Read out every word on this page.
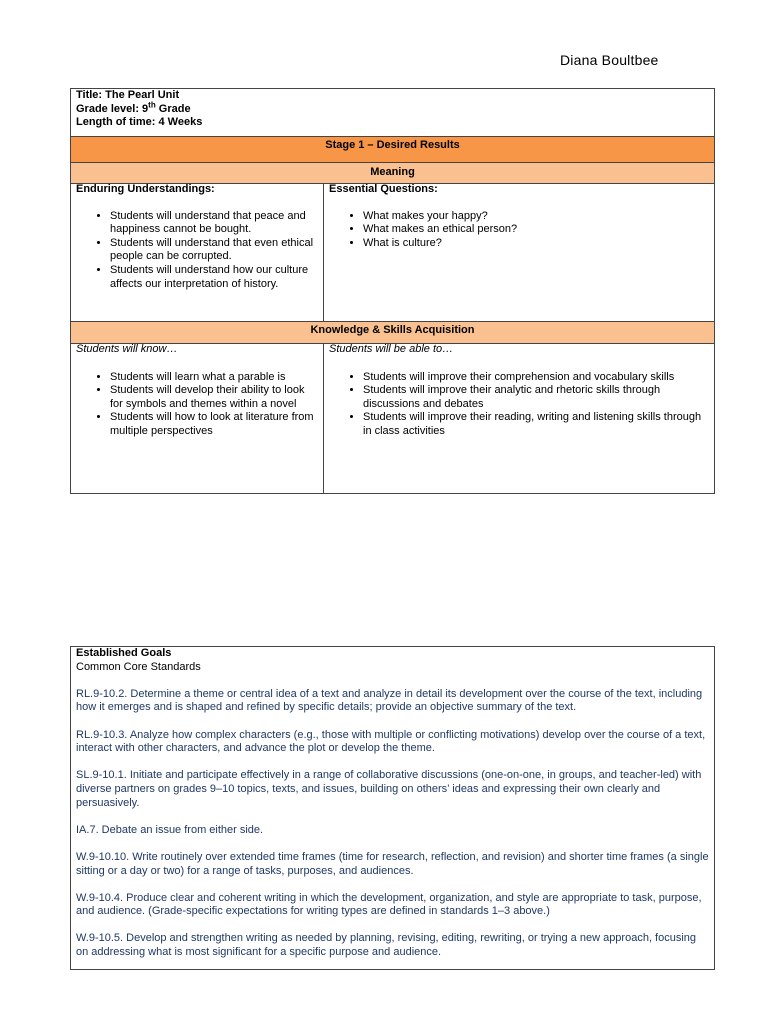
Diana Boultbee
Title: The Pearl Unit
Grade level: 9th Grade
Length of time: 4 Weeks
Stage 1 – Desired Results
Meaning
Enduring Understandings:
• Students will understand that peace and happiness cannot be bought.
• Students will understand that even ethical people can be corrupted.
• Students will understand how our culture affects our interpretation of history.
Essential Questions:
• What makes your happy?
• What makes an ethical person?
• What is culture?
Knowledge & Skills Acquisition
Students will know…
• Students will learn what a parable is
• Students will develop their ability to look for symbols and themes within a novel
• Students will how to look at literature from multiple perspectives
Students will be able to…
• Students will improve their comprehension and vocabulary skills
• Students will improve their analytic and rhetoric skills through discussions and debates
• Students will improve their reading, writing and listening skills through in class activities

Established Goals

Common Core Standards

RL.9-10.2. Determine a theme or central idea of a text and analyze in detail its development over the course of the text, including how it emerges and is shaped and refined by specific details; provide an objective summary of the text.

RL.9-10.3. Analyze how complex characters (e.g., those with multiple or conflicting motivations) develop over the course of a text, interact with other characters, and advance the plot or develop the theme.

SL.9-10.1. Initiate and participate effectively in a range of collaborative discussions (one-on-one, in groups, and teacher-led) with diverse partners on grades 9–10 topics, texts, and issues, building on others’ ideas and expressing their own clearly and persuasively.

IA.7. Debate an issue from either side.

W.9-10.10. Write routinely over extended time frames (time for research, reflection, and revision) and shorter time frames (a single sitting or a day or two) for a range of tasks, purposes, and audiences.

W.9-10.4. Produce clear and coherent writing in which the development, organization, and style are appropriate to task, purpose, and audience. (Grade-specific expectations for writing types are defined in standards 1–3 above.)

W.9-10.5. Develop and strengthen writing as needed by planning, revising, editing, rewriting, or trying a new approach, focusing on addressing what is most significant for a specific purpose and audience.
